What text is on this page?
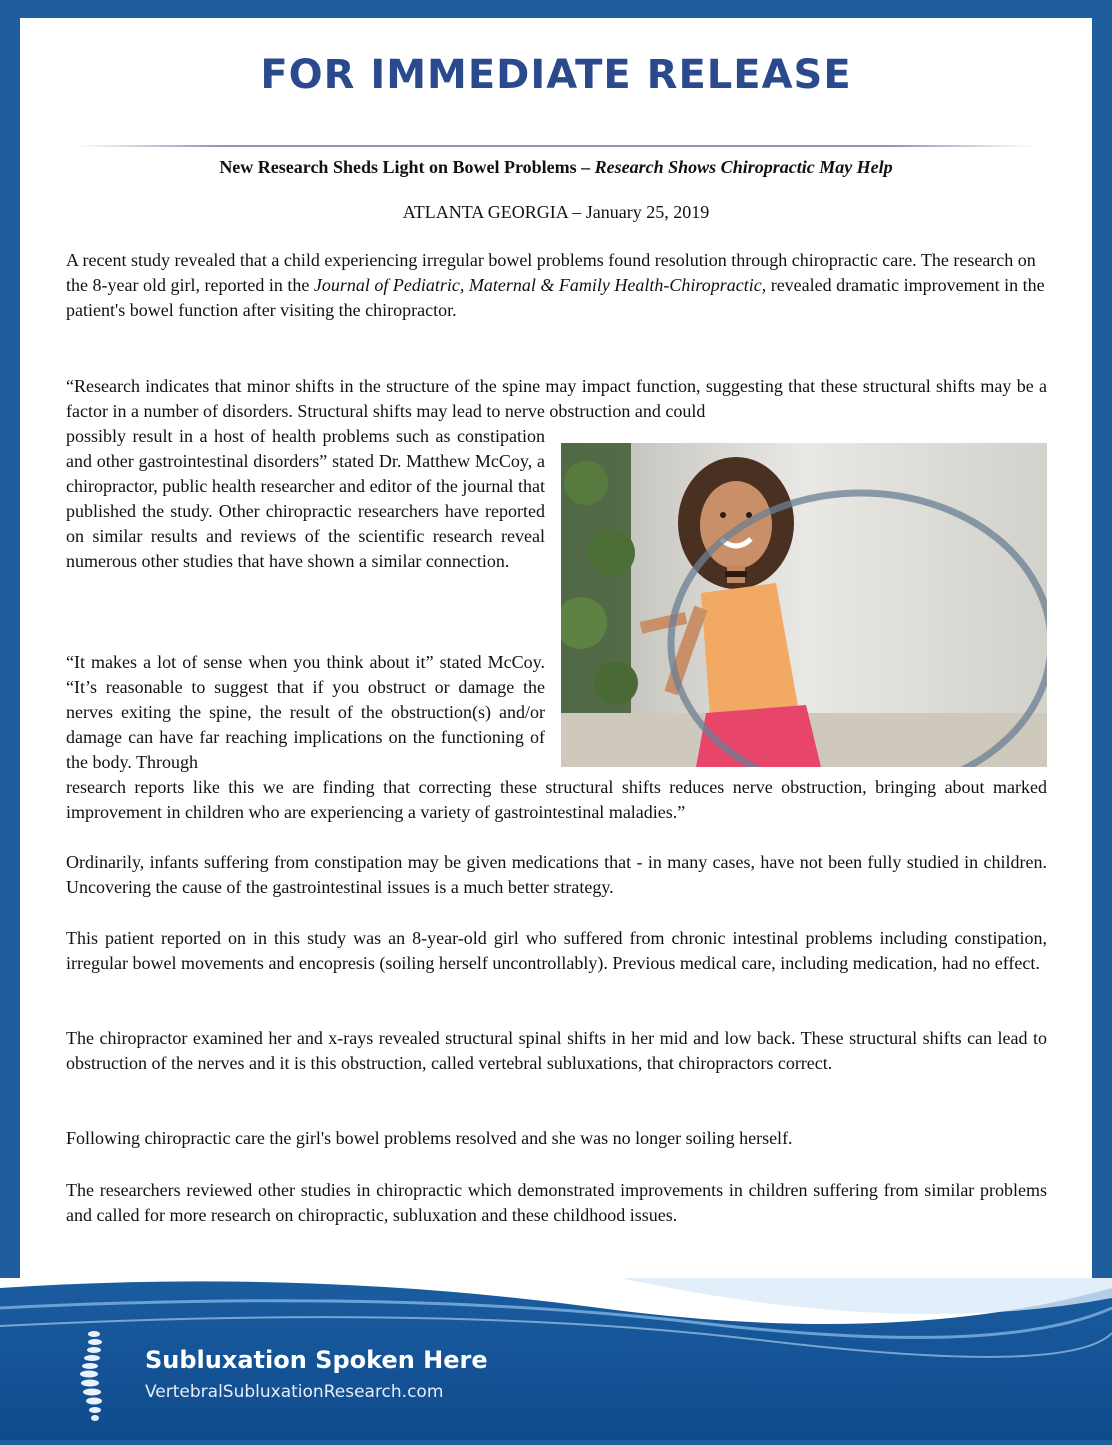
FOR IMMEDIATE RELEASE
New Research Sheds Light on Bowel Problems – Research Shows Chiropractic May Help
ATLANTA GEORGIA – January 25, 2019
A recent study revealed that a child experiencing irregular bowel problems found resolution through chiropractic care. The research on the 8-year old girl, reported in the Journal of Pediatric, Maternal & Family Health-Chiropractic, revealed dramatic improvement in the patient's bowel function after visiting the chiropractor.
“Research indicates that minor shifts in the structure of the spine may impact function, suggesting that these structural shifts may be a factor in a number of disorders. Structural shifts may lead to nerve obstruction and could
possibly result in a host of health problems such as constipation and other gastrointestinal disorders” stated Dr. Matthew McCoy, a chiropractor, public health researcher and editor of the journal that published the study. Other chiropractic researchers have reported on similar results and reviews of the scientific research reveal numerous other studies that have shown a similar connection.
“It makes a lot of sense when you think about it” stated McCoy. “It’s reasonable to suggest that if you obstruct or damage the nerves exiting the spine, the result of the obstruction(s) and/or damage can have far reaching implications on the functioning of the body. Through
research reports like this we are finding that correcting these structural shifts reduces nerve obstruction, bringing about marked improvement in children who are experiencing a variety of gastrointestinal maladies.”
Ordinarily, infants suffering from constipation may be given medications that - in many cases, have not been fully studied in children. Uncovering the cause of the gastrointestinal issues is a much better strategy.
This patient reported on in this study was an 8-year-old girl who suffered from chronic intestinal problems including constipation, irregular bowel movements and encopresis (soiling herself uncontrollably). Previous medical care, including medication, had no effect.
The chiropractor examined her and x-rays revealed structural spinal shifts in her mid and low back. These structural shifts can lead to obstruction of the nerves and it is this obstruction, called vertebral subluxations, that chiropractors correct.
Following chiropractic care the girl's bowel problems resolved and she was no longer soiling herself.
The researchers reviewed other studies in chiropractic which demonstrated improvements in children suffering from similar problems and called for more research on chiropractic, subluxation and these childhood issues.
Subluxation Spoken Here
VertebralSubluxationResearch.com
